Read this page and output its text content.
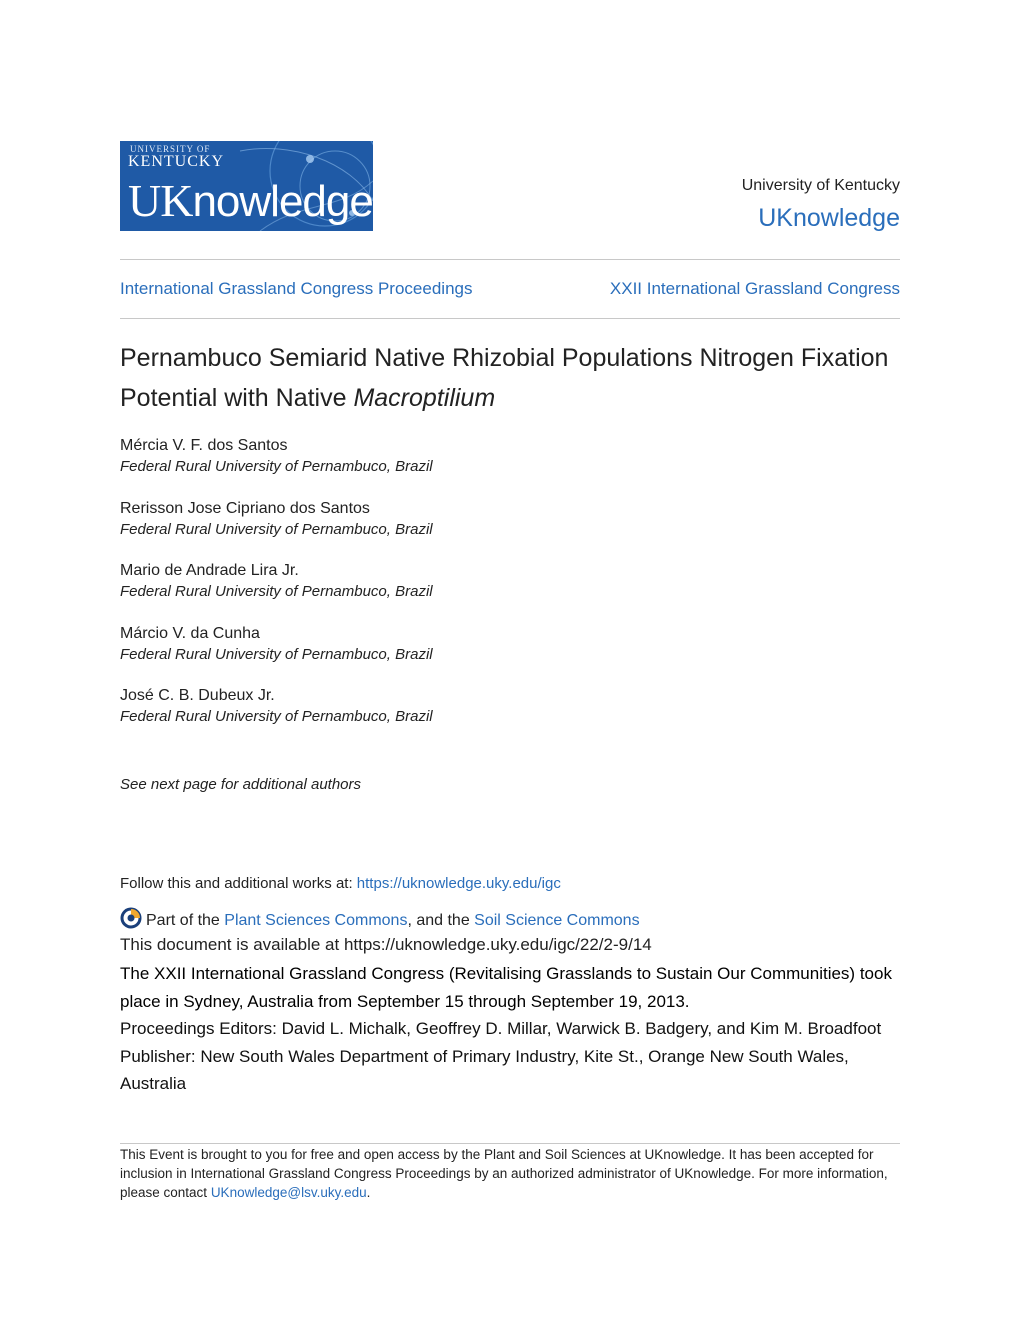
UNIVERSITY OF
KENTUCKY
UKnowledge	University of Kentucky
UKnowledge
International Grassland Congress Proceedings	XXII International Grassland Congress
Pernambuco Semiarid Native Rhizobial Populations Nitrogen Fixation Potential with Native Macroptilium
Mércia V. F. dos Santos
Federal Rural University of Pernambuco, Brazil
Rerisson Jose Cipriano dos Santos
Federal Rural University of Pernambuco, Brazil
Mario de Andrade Lira Jr.
Federal Rural University of Pernambuco, Brazil
Márcio V. da Cunha
Federal Rural University of Pernambuco, Brazil
José C. B. Dubeux Jr.
Federal Rural University of Pernambuco, Brazil
See next page for additional authors
Follow this and additional works at: https://uknowledge.uky.edu/igc
Part of the Plant Sciences Commons, and the Soil Science Commons
This document is available at https://uknowledge.uky.edu/igc/22/2-9/14
The XXII International Grassland Congress (Revitalising Grasslands to Sustain Our Communities) took place in Sydney, Australia from September 15 through September 19, 2013.
Proceedings Editors: David L. Michalk, Geoffrey D. Millar, Warwick B. Badgery, and Kim M. Broadfoot
Publisher: New South Wales Department of Primary Industry, Kite St., Orange New South Wales, Australia
This Event is brought to you for free and open access by the Plant and Soil Sciences at UKnowledge. It has been accepted for inclusion in International Grassland Congress Proceedings by an authorized administrator of UKnowledge. For more information, please contact UKnowledge@lsv.uky.edu.
